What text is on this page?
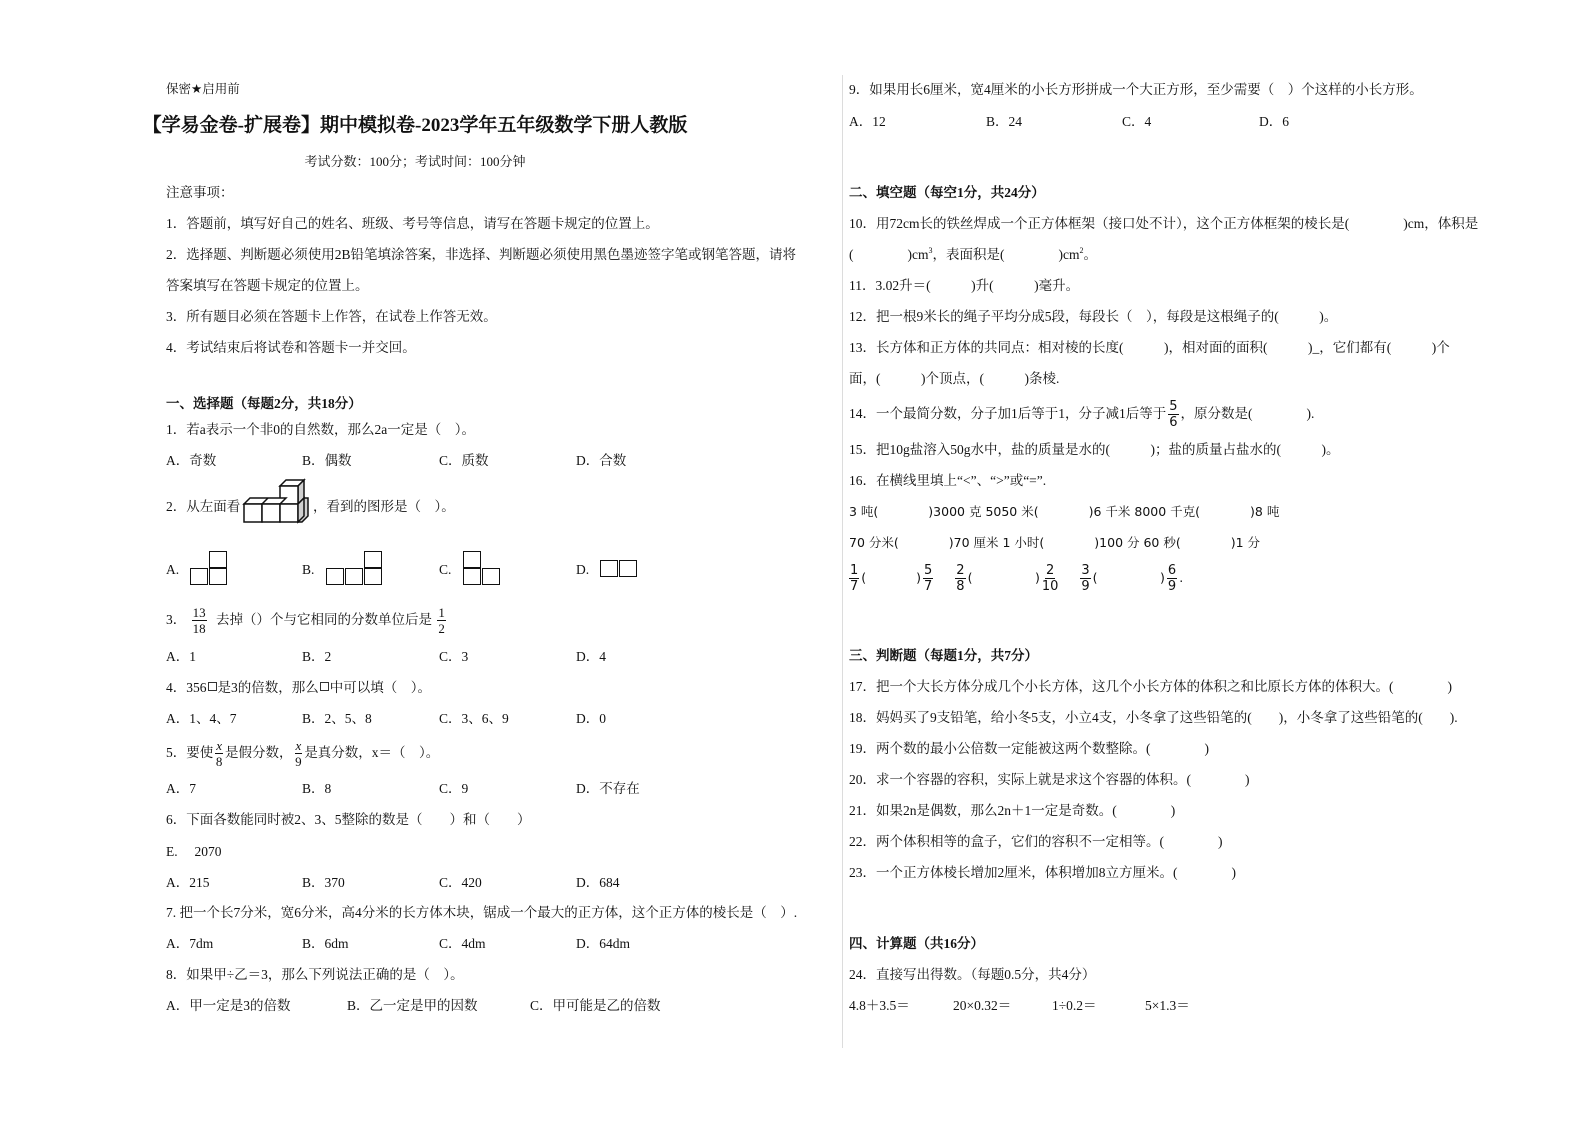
保密★启用前
【学易金卷-扩展卷】期中模拟卷-2023学年五年级数学下册人教版
考试分数：100分；考试时间：100分钟
注意事项：
1．答题前，填写好自己的姓名、班级、考号等信息，请写在答题卡规定的位置上。
2．选择题、判断题必须使用2B铅笔填涂答案，非选择、判断题必须使用黑色墨迹签字笔或钢笔答题，请将
答案填写在答题卡规定的位置上。
3．所有题目必须在答题卡上作答，在试卷上作答无效。
4．考试结束后将试卷和答题卡一并交回。
一、选择题（每题2分，共18分）
1．若a表示一个非0的自然数，那么2a一定是（　）。
A．奇数	B．偶数	C．质数	D．合数
2．从左面看	，看到的图形是（　）。
A.	B.	C.	D.
3． $\frac{13}{18}$ 去掉（）个与它相同的分数单位后是 $\frac{1}{2}$
A．1	B．2	C．3	D．4
4．356 是3的倍数，那么 中可以填（　）。
A．1、4、7	B．2、5、8	C．3、6、9	D．0
5．要使 $\frac{x}{8}$ 是假分数， $\frac{x}{9}$ 是真分数，x＝（　）。
A．7	B．8	C．9	D．不存在
6．下面各数能同时被2、3、5整除的数是（　　）和（　　）
E.　 2070
A．215	B．370	C．420	D．684
7. 把一个长7分米，宽6分米，高4分米的长方体木块，锯成一个最大的正方体，这个正方体的棱长是（　）.
A．7dm	B．6dm	C．4dm	D．64dm
8．如果甲÷乙＝3，那么下列说法正确的是（　）。
A．甲一定是3的倍数	B．乙一定是甲的因数	C．甲可能是乙的倍数
9．如果用长6厘米，宽4厘米的小长方形拼成一个大正方形，至少需要（　）个这样的小长方形。
A．12	B．24	C．4	D．6
二、填空题（每空1分，共24分）
10．用72cm长的铁丝焊成一个正方体框架（接口处不计），这个正方体框架的棱长是(　　　　)cm，体积是
(　　　　)$cm^3$，表面积是(　　　　)$cm^2$。
11．3.02升＝(　　　)升(　　　)毫升。
12．把一根9米长的绳子平均分成5段，每段长（　），每段是这根绳子的(　　　)。
13．长方体和正方体的共同点：相对棱的长度(　　　)，相对面的面积(　　　)_，它们都有(　　　)个
面，(　　　)个顶点，(　　　)条棱.
14．一个最简分数，分子加1后等于1，分子减1后等于 $\frac{5}{6}$ ，原分数是(　　　　).
15．把10g盐溶入50g水中，盐的质量是水的(　　　)；盐的质量占盐水的(　　　)。
16．在横线里填上“<”、“>”或“=”.
3 吨(　　　　)3000 克 5050 米(　　　　)6 千米 8000 千克(　　　　)8 吨
70 分米(　　　　)70 厘米 1 小时(　　　　)100 分 60 秒(　　　　)1 分
$\frac{1}{7}$ (　　　　) $\frac{5}{7}$
$\frac{2}{8}$ (　　　　　) $\frac{2}{10}$
$\frac{3}{9}$ (　　　　　) $\frac{6}{9}$ .
三、判断题（每题1分，共7分）
17．把一个大长方体分成几个小长方体，这几个小长方体的体积之和比原长方体的体积大。(　　　　)
18．妈妈买了9支铅笔，给小冬5支，小立4支，小冬拿了这些铅笔的(　　)，小冬拿了这些铅笔的(　　).
19．两个数的最小公倍数一定能被这两个数整除。(　　　　)
20．求一个容器的容积，实际上就是求这个容器的体积。(　　　　)
21．如果2n是偶数，那么2n＋1一定是奇数。(　　　　)
22．两个体积相等的盒子，它们的容积不一定相等。(　　　　)
23．一个正方体棱长增加2厘米，体积增加8立方厘米。(　　　　)
四、计算题（共16分）
24．直接写出得数。（每题0.5分，共4分）
4.8＋3.5＝	20×0.32＝	1÷0.2＝	5×1.3＝
